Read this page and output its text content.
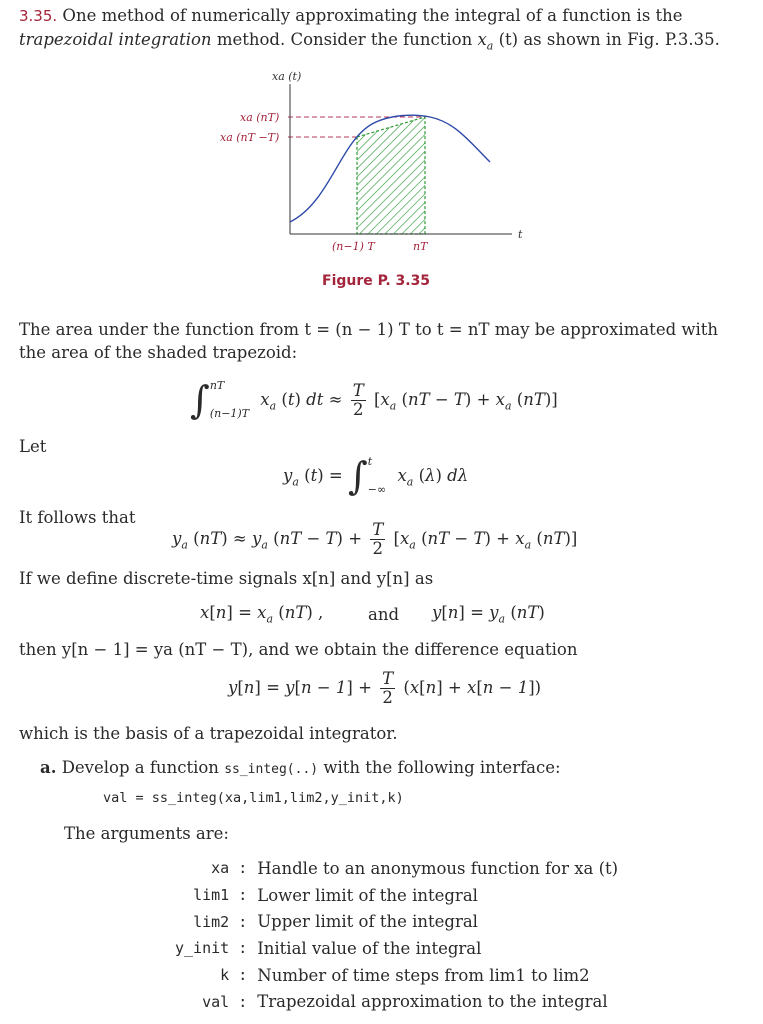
3.35. One method of numerically approximating the integral of a function is the trapezoidal integration method. Consider the function $x_a$ (t) as shown in Fig. P.3.35.
xa (t)
t
xa (nT)
xa (nT −T)
(n−1) T	nT
Figure P. 3.35
The area under the function from t = (n − 1) T to t = nT may be approximated with the area of the shaded trapezoid:
∫ nT
(n−1)T
$x_a$ (t) dt ≈ $\frac{T}{2} [x_a$ $(nT - T) + x_a$ (nT)]
Let
$y_a$ (t) = ∫ t
−∞
$x_a$ (λ) dλ
It follows that
$y_a$ $(nT) \approx y_a$ $(nT - T) + \frac{T}{2} [x_a$ $(nT - T) + x_a$ (nT)]
If we define discrete-time signals x[n] and y[n] as
$x[n] = x_a$ (nT) ,	and $y[n] = y_a$ (nT)
then y[n − 1] = ya (nT − T), and we obtain the difference equation
$y[n] = y[n - 1] + \frac{T}{2} (x[n] + x[n - 1])$
which is the basis of a trapezoidal integrator.
a. Develop a function ss_integ(..) with the following interface:
val = ss_integ(xa,lim1,lim2,y_init,k)
The arguments are:
xa :	Handle to an anonymous function for xa (t)
lim1 :	Lower limit of the integral
lim2 :	Upper limit of the integral
y_init :	Initial value of the integral
k :	Number of time steps from lim1 to lim2
val :	Trapezoidal approximation to the integral
